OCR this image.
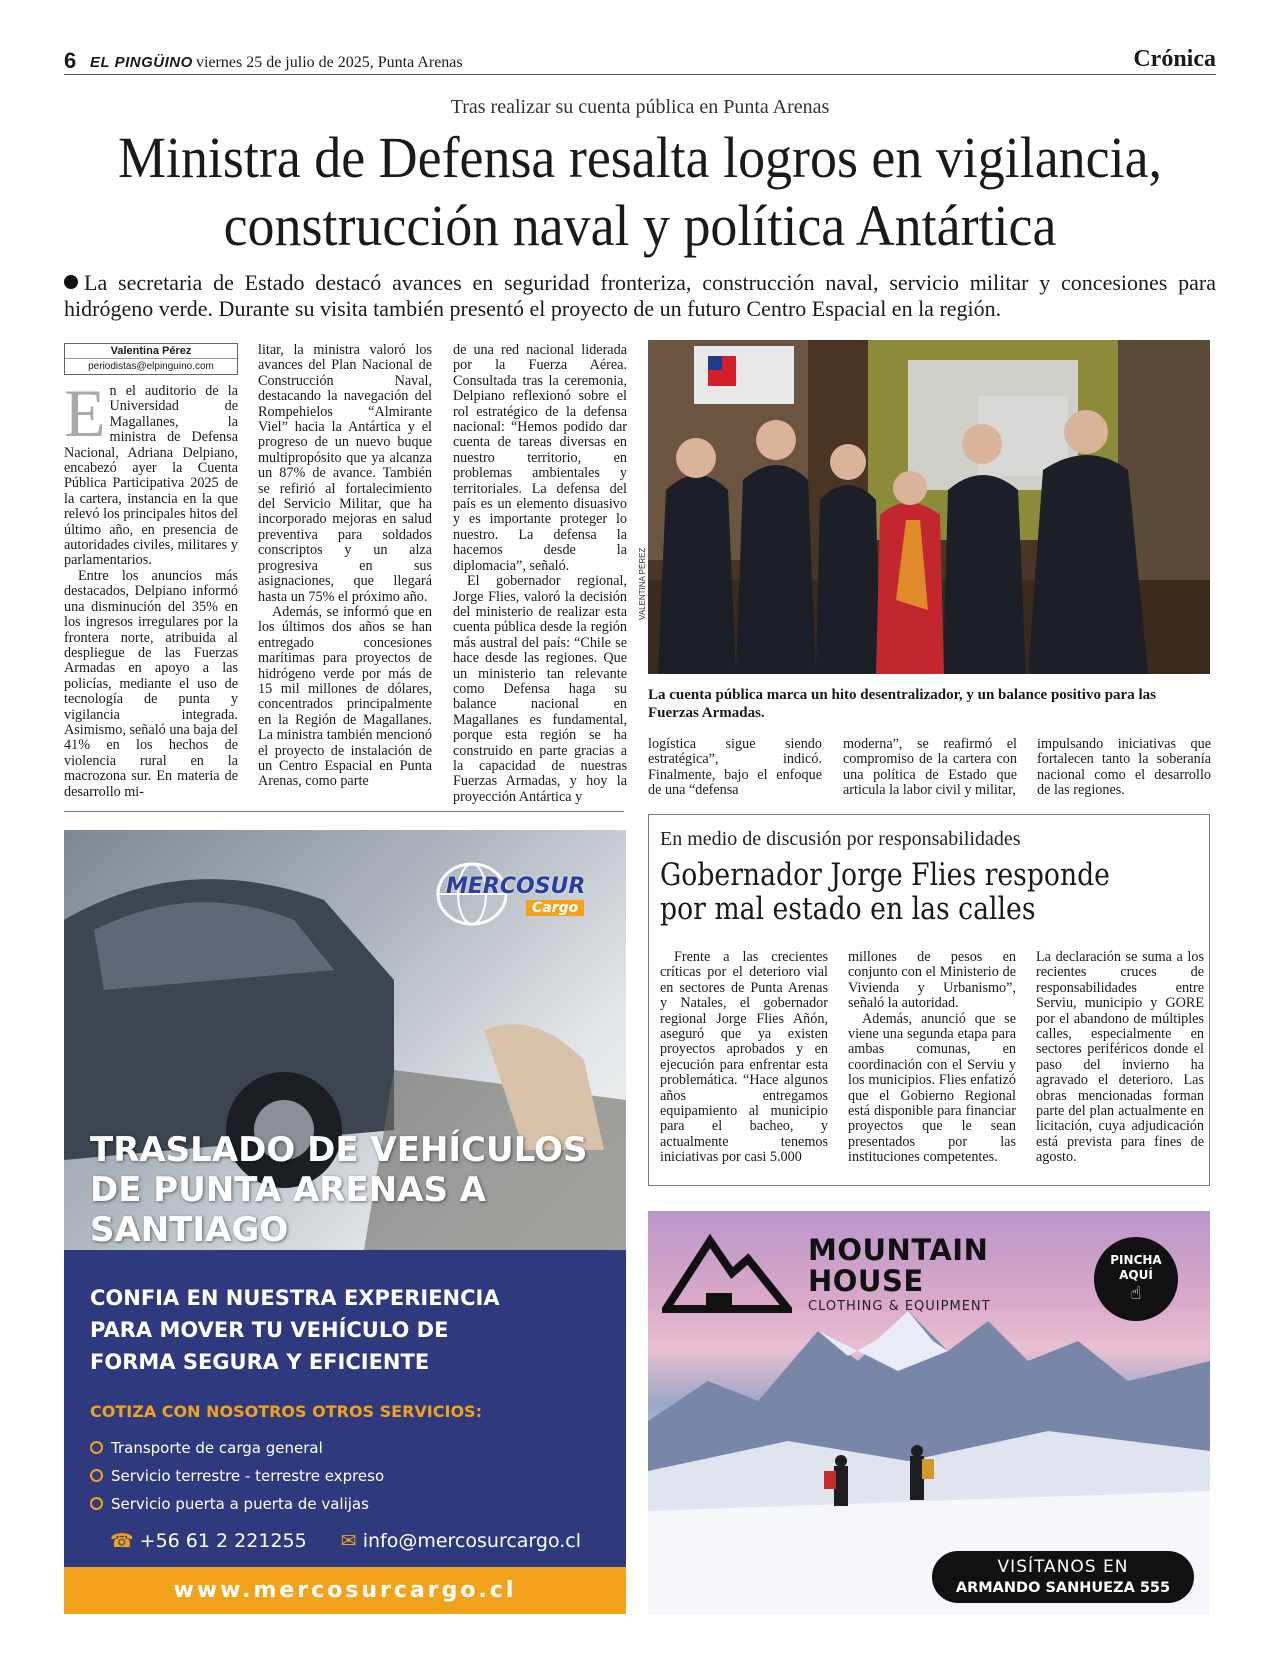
6 EL PINGÜINO viernes 25 de julio de 2025, Punta Arenas	Crónica
Tras realizar su cuenta pública en Punta Arenas
Ministra de Defensa resalta logros en vigilancia,
construcción naval y política Antártica
La secretaria de Estado destacó avances en seguridad fronteriza, construcción naval, servicio militar y concesiones para hidrógeno verde. Durante su visita también presentó el proyecto de un futuro Centro Espacial en la región.
Valentina Pérez
periodistas@elpinguino.com
E n el auditorio de la Universidad de Magallanes, la ministra de Defensa Nacional, Adriana Delpiano, encabezó ayer la Cuenta Pública Participativa 2025 de la cartera, instancia en la que relevó los principales hitos del último año, en presencia de autoridades civiles, militares y parlamentarios.

Entre los anuncios más destacados, Delpiano informó una disminución del 35% en los ingresos irregulares por la frontera norte, atribuida al despliegue de las Fuerzas Armadas en apoyo a las policías, mediante el uso de tecnología de punta y vigilancia integrada. Asimismo, señaló una baja del 41% en los hechos de violencia rural en la macrozona sur. En materia de desarrollo mi-

litar, la ministra valoró los avances del Plan Nacional de Construcción Naval, destacando la navegación del Rompehielos “Almirante Viel” hacia la Antártica y el progreso de un nuevo buque multipropósito que ya alcanza un 87% de avance. También se refirió al fortalecimiento del Servicio Militar, que ha incorporado mejoras en salud preventiva para soldados conscriptos y un alza progresiva en sus asignaciones, que llegará hasta un 75% el próximo año.

Además, se informó que en los últimos dos años se han entregado concesiones marítimas para proyectos de hidrógeno verde por más de 15 mil millones de dólares, concentrados principalmente en la Región de Magallanes. La ministra también mencionó el proyecto de instalación de un Centro Espacial en Punta Arenas, como parte

de una red nacional liderada por la Fuerza Aérea. Consultada tras la ceremonia, Delpiano reflexionó sobre el rol estratégico de la defensa nacional: “Hemos podido dar cuenta de tareas diversas en nuestro territorio, en problemas ambientales y territoriales. La defensa del país es un elemento disuasivo y es importante proteger lo nuestro. La defensa la hacemos desde la diplomacia”, señaló.

El gobernador regional, Jorge Flies, valoró la decisión del ministerio de realizar esta cuenta pública desde la región más austral del país: “Chile se hace desde las regiones. Que un ministerio tan relevante como Defensa haga su balance nacional en Magallanes es fundamental, porque esta región se ha construido en parte gracias a la capacidad de nuestras Fuerzas Armadas, y hoy la proyección Antártica y

VALENTINA PÉREZ
La cuenta pública marca un hito desentralizador, y un balance positivo para las Fuerzas Armadas.
logística sigue siendo estratégica”, indicó. Finalmente, bajo el enfoque de una “defensa
moderna”, se reafirmó el compromiso de la cartera con una política de Estado que articula la labor civil y militar,
impulsando iniciativas que fortalecen tanto la soberanía nacional como el desarrollo de las regiones.
MERCOSUR
Cargo
TRASLADO DE VEHÍCULOS
DE PUNTA ARENAS A SANTIAGO
CONFIA EN NUESTRA EXPERIENCIA
PARA MOVER TU VEHÍCULO DE
FORMA SEGURA Y EFICIENTE
COTIZA CON NOSOTROS OTROS SERVICIOS:
Transporte de carga general
Servicio terrestre - terrestre expreso
Servicio puerta a puerta de valijas
☎ +56 61 2 221255 ✉ info@mercosurcargo.cl
www.mercosurcargo.cl
En medio de discusión por responsabilidades
Gobernador Jorge Flies responde
por mal estado en las calles

Frente a las crecientes críticas por el deterioro vial en sectores de Punta Arenas y Natales, el gobernador regional Jorge Flies Añón, aseguró que ya existen proyectos aprobados y en ejecución para enfrentar esta problemática. “Hace algunos años entregamos equipamiento al municipio para el bacheo, y actualmente tenemos iniciativas por casi 5.000

millones de pesos en conjunto con el Ministerio de Vivienda y Urbanismo”, señaló la autoridad.

Además, anunció que se viene una segunda etapa para ambas comunas, en coordinación con el Serviu y los municipios. Flies enfatizó que el Gobierno Regional está disponible para financiar proyectos que le sean presentados por las instituciones competentes.

La declaración se suma a los recientes cruces de responsabilidades entre Serviu, municipio y GORE por el abandono de múltiples calles, especialmente en sectores periféricos donde el paso del invierno ha agravado el deterioro. Las obras mencionadas forman parte del plan actualmente en licitación, cuya adjudicación está prevista para fines de agosto.

MOUNTAIN
HOUSE
CLOTHING & EQUIPMENT
PINCHA
AQUÍ
☝
VISÍTANOS EN
ARMANDO SANHUEZA 555
